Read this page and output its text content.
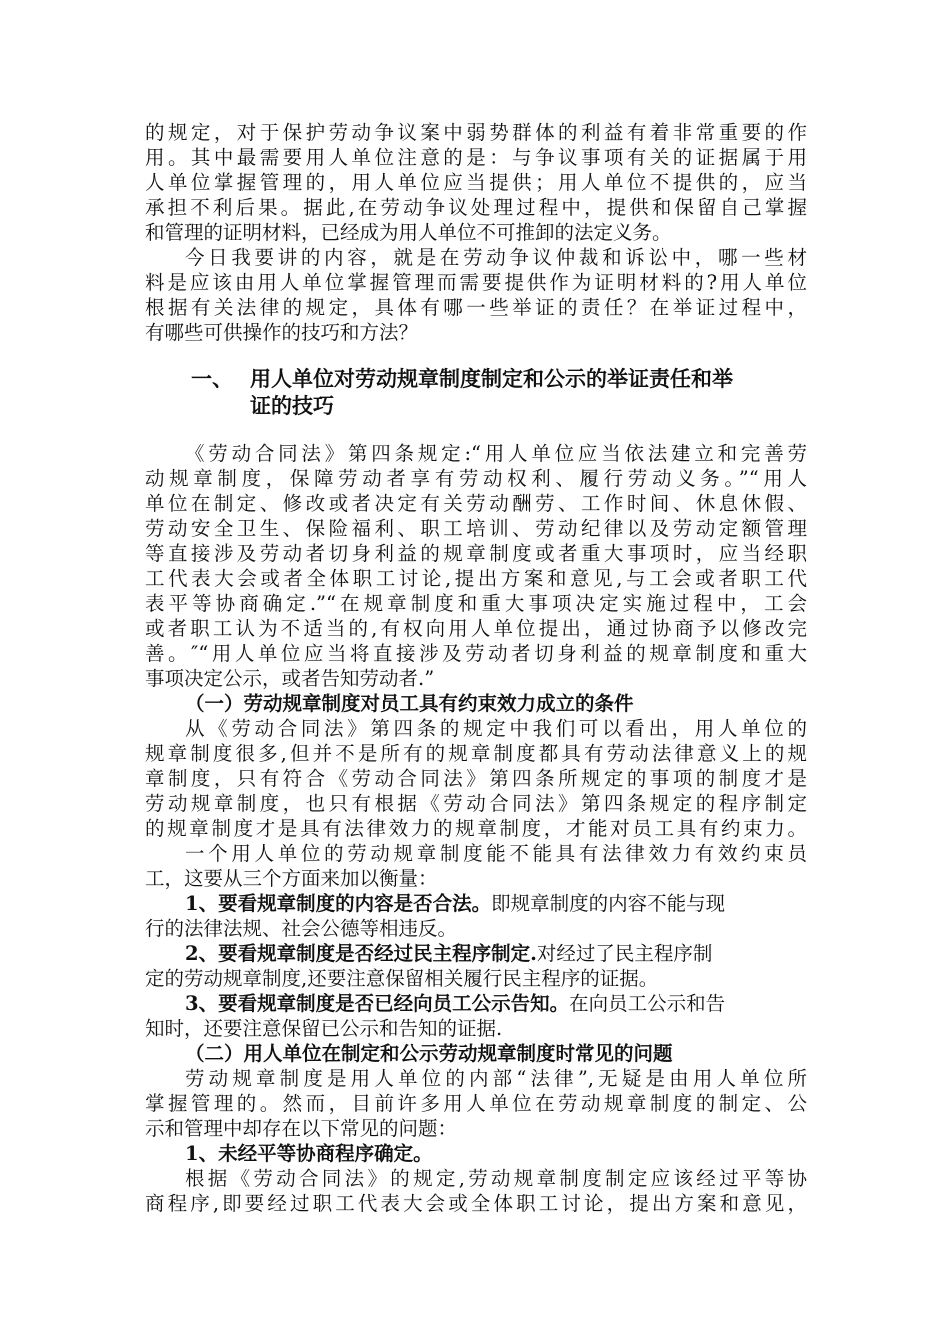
的规定，对于保护劳动争议案中弱势群体的利益有着非常重要的作
用。其中最需要用人单位注意的是：与争议事项有关的证据属于用
人单位掌握管理的，用人单位应当提供；用人单位不提供的，应当
承担不利后果。据此,在劳动争议处理过程中，提供和保留自己掌握
和管理的证明材料，已经成为用人单位不可推卸的法定义务。
今日我要讲的内容，就是在劳动争议仲裁和诉讼中，哪一些材
料是应该由用人单位掌握管理而需要提供作为证明材料的?用人单位
根据有关法律的规定，具体有哪一些举证的责任？在举证过程中，
有哪些可供操作的技巧和方法？
一、 用人单位对劳动规章制度制定和公示的举证责任和举
证的技巧
《劳动合同法》第四条规定:“用人单位应当依法建立和完善劳
动规章制度，保障劳动者享有劳动权利、履行劳动义务。”“用人
单位在制定、修改或者决定有关劳动酬劳、工作时间、休息休假、
劳动安全卫生、保险福利、职工培训、劳动纪律以及劳动定额管理
等直接涉及劳动者切身利益的规章制度或者重大事项时，应当经职
工代表大会或者全体职工讨论,提出方案和意见,与工会或者职工代
表平等协商确定.”“在规章制度和重大事项决定实施过程中，工会
或者职工认为不适当的,有权向用人单位提出，通过协商予以修改完
善。″“用人单位应当将直接涉及劳动者切身利益的规章制度和重大
事项决定公示，或者告知劳动者.”
（一）劳动规章制度对员工具有约束效力成立的条件
从《劳动合同法》第四条的规定中我们可以看出，用人单位的
规章制度很多,但并不是所有的规章制度都具有劳动法律意义上的规
章制度，只有符合《劳动合同法》第四条所规定的事项的制度才是
劳动规章制度，也只有根据《劳动合同法》第四条规定的程序制定
的规章制度才是具有法律效力的规章制度，才能对员工具有约束力。
一个用人单位的劳动规章制度能不能具有法律效力有效约束员
工，这要从三个方面来加以衡量：
1、要看规章制度的内容是否合法。即规章制度的内容不能与现
行的法律法规、社会公德等相违反。
2、要看规章制度是否经过民主程序制定.对经过了民主程序制
定的劳动规章制度,还要注意保留相关履行民主程序的证据。
3、要看规章制度是否已经向员工公示告知。在向员工公示和告
知时，还要注意保留已公示和告知的证据.
（二）用人单位在制定和公示劳动规章制度时常见的问题
劳动规章制度是用人单位的内部“法律”,无疑是由用人单位所
掌握管理的。然而，目前许多用人单位在劳动规章制度的制定、公
示和管理中却存在以下常见的问题：
1、未经平等协商程序确定。
根据《劳动合同法》的规定,劳动规章制度制定应该经过平等协
商程序,即要经过职工代表大会或全体职工讨论，提出方案和意见，
